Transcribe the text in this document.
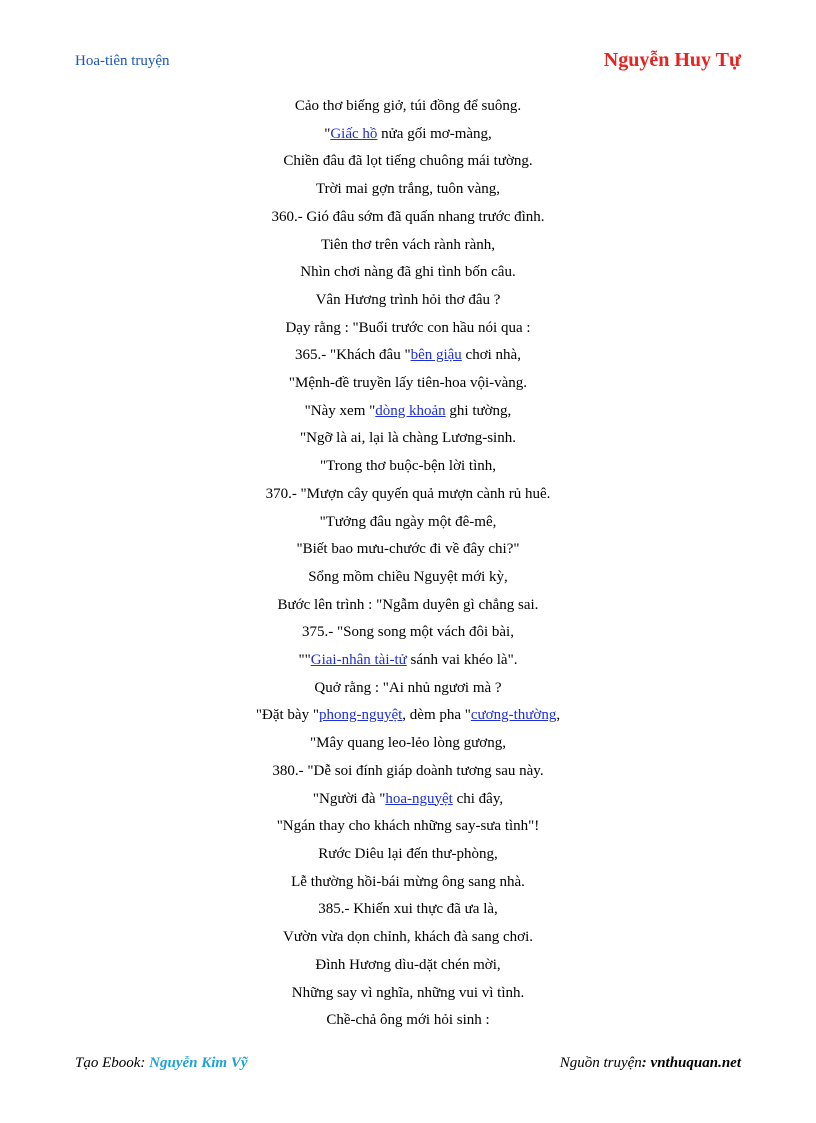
Hoa-tiên truyện	Nguyễn Huy Tự
Cảo thơ biếng giở, túi đồng để suông.
"Giấc hồ nửa gối mơ-màng,
Chiền đâu đã lọt tiếng chuông mái tường.
Trời mai gợn trắng, tuôn vàng,
360.- Gió đâu sớm đã quấn nhang trước đình.
Tiên thơ trên vách rành rành,
Nhìn chơi nàng đã ghi tình bốn câu.
Vân Hương trình hỏi thơ đâu ?
Dạy rằng : "Buổi trước con hầu nói qua :
365.- "Khách đâu "bên giậu chơi nhà,
"Mệnh-đề truyền lấy tiên-hoa vội-vàng.
"Này xem "dòng khoản ghi tường,
"Ngỡ là ai, lại là chàng Lương-sinh.
"Trong thơ buộc-bện lời tình,
370.- "Mượn cây quyến quả mượn cành rủ huê.
"Tưởng đâu ngày một đê-mê,
"Biết bao mưu-chước đi về đây chi?"
Sổng mồm chiều Nguyệt mới kỳ,
Bước lên trình : "Ngẫm duyên gì chẳng sai.
375.- "Song song một vách đôi bài,
""Giai-nhân tài-tử sánh vai khéo là".
Quở rằng : "Ai nhủ ngươi mà ?
"Đặt bày "phong-nguyệt, dèm pha "cương-thường,
"Mây quang leo-lẻo lòng gương,
380.- "Dễ soi đính giáp doành tương sau này.
"Người đà "hoa-nguyệt chi đây,
"Ngán thay cho khách những say-sưa tình"!
Rước Diêu lại đến thư-phòng,
Lễ thường hồi-bái mừng ông sang nhà.
385.- Khiến xui thực đã ưa là,
Vườn vừa dọn chỉnh, khách đà sang chơi.
Đình Hương dìu-dặt chén mời,
Những say vì nghĩa, những vui vì tình.
Chề-chả ông mới hỏi sinh :
Tạo Ebook: Nguyễn Kim Vỹ	Nguồn truyện: vnthuquan.net
